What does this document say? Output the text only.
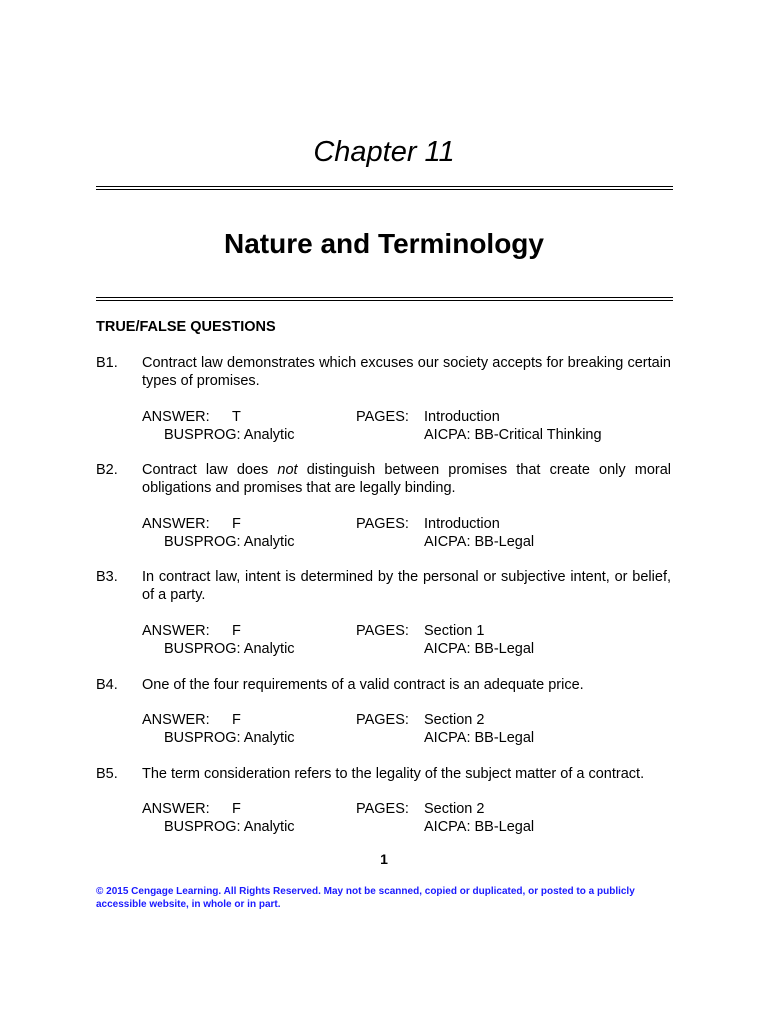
Chapter 11
Nature and Terminology
TRUE/FALSE QUESTIONS
B1. Contract law demonstrates which excuses our society accepts for breaking certain types of promises.
ANSWER: T	PAGES: Introduction
BUSPROG: Analytic	AICPA: BB-Critical Thinking
B2. Contract law does not distinguish between promises that create only moral obligations and promises that are legally binding.
ANSWER: F	PAGES: Introduction
BUSPROG: Analytic	AICPA: BB-Legal
B3. In contract law, intent is determined by the personal or subjective intent, or belief, of a party.
ANSWER: F	PAGES: Section 1
BUSPROG: Analytic	AICPA: BB-Legal
B4. One of the four requirements of a valid contract is an adequate price.
ANSWER: F	PAGES: Section 2
BUSPROG: Analytic	AICPA: BB-Legal
B5. The term consideration refers to the legality of the subject matter of a contract.
ANSWER: F	PAGES: Section 2
BUSPROG: Analytic	AICPA: BB-Legal
1
© 2015 Cengage Learning. All Rights Reserved. May not be scanned, copied or duplicated, or posted to a publicly accessible website, in whole or in part.
